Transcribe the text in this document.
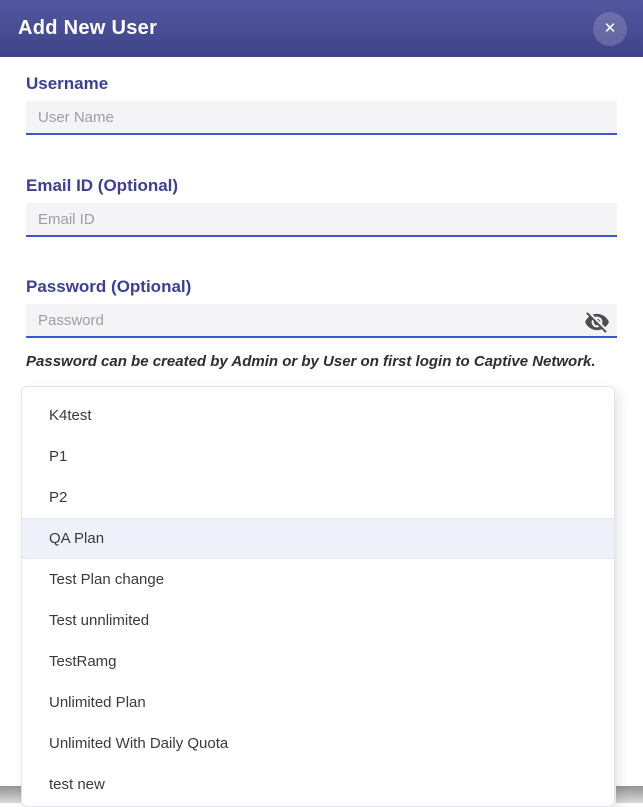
Add New User	✕
Username
User Name
Email ID (Optional)
Email ID
Password (Optional)
Password can be created by Admin or by User on first login to Captive Network.
K4test
P1
P2
QA Plan
Test Plan change
Test unnlimited
TestRamg
Unlimited Plan
Unlimited With Daily Quota
test new
